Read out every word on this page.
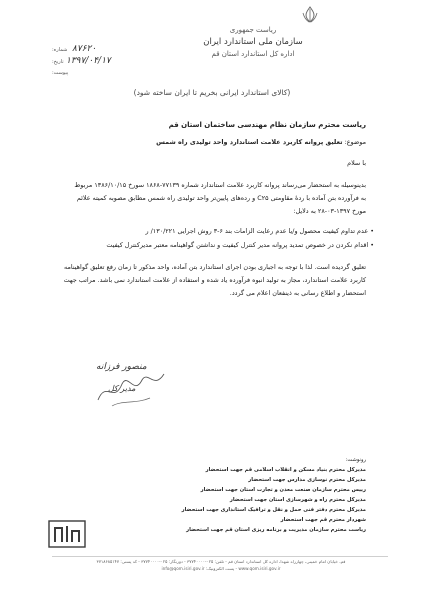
ریاست جمهوری
سازمان ملی استاندارد ایران
اداره کل استاندارد استان قم
شماره: ۸۷۶۲۰
تاریخ: ۱۳۹۷/۰۴/۱۷
پیوست:
(کالای استاندارد ایرانی بخریم تا ایران ساخته شود)
ریاست محترم سازمان نظام مهندسی ساختمان استان قم
موضوع: تعلیق پروانه کاربرد علامت استاندارد واحد تولیدی راه شمس
با سلام
بدینوسیله به استحضار می‌رساند پروانه کاربرد علامت استاندارد شماره ۷۷۱۳۹-۱۸۶۸ سورخ ۱۳۸۶/۱۰/۱۵ مربوط
به فرآورده بتن آماده با ردهٔ مقاومتی C۲۵ و رده‌های پایین‌تر واحد تولیدی راه شمس مطابق مصوبه کمیته علائم
مورخ ۱۳۹۷-۰۳-۲۸ به دلایل:
• عدم تداوم کیفیت محصول و/یا عدم رعایت الزامات بند ۶-۳ روش اجرایی ۱۳۰/۲۲۱/ ر
• اقدام نکردن در خصوص تمدید پروانه مدیر کنترل کیفیت و نداشتن گواهینامه معتبر مدیرکنترل کیفیت
تعلیق گردیده است. لذا با توجه به اجباری بودن اجرای استاندارد بتن آماده، واحد مذکور تا زمان رفع تعلیق گواهینامه
کاربرد علامت استاندارد، مجاز به تولید انبوه فرآورده یاد شده و استفاده از علامت استاندارد نمی باشد. مراتب جهت
استحضار و اطلاع رسانی به ذینفعان اعلام می گردد.
منصور فرزانه
مدیر کل
رونوشت:
مدیرکل محترم بنیاد مسکن و انقلاب اسلامی قم جهت استحضار
مدیرکل محترم نوسازی مدارس جهت استحضار
رییس محترم سازمان صنعت معدن و تجارت استان جهت استحضار
مدیرکل محترم راه و شهرسازی استان جهت استحضار
مدیرکل محترم دفتر فنی حمل و نقل و ترافیک استانداری جهت استحضار
شهردار محترم قم جهت استحضار
ریاست محترم سازمان مدیریت و برنامه ریزی استان قم جهت استحضار
قم، خیابان امام خمینی، چهارراه شهدا، اداره کل استاندارد استان قم - تلفن: ۰۲۵-۳۷۷۴۰۰۰۰ - دورنگار: ۰۲۵-۳۷۷۴۰۰۰۰ - کد پستی: ۳۷۱۸۶۸۵۱۴۷
www.qom.isiri.gov.ir - پست الکترونیک: info@qom.isiri.gov.ir
